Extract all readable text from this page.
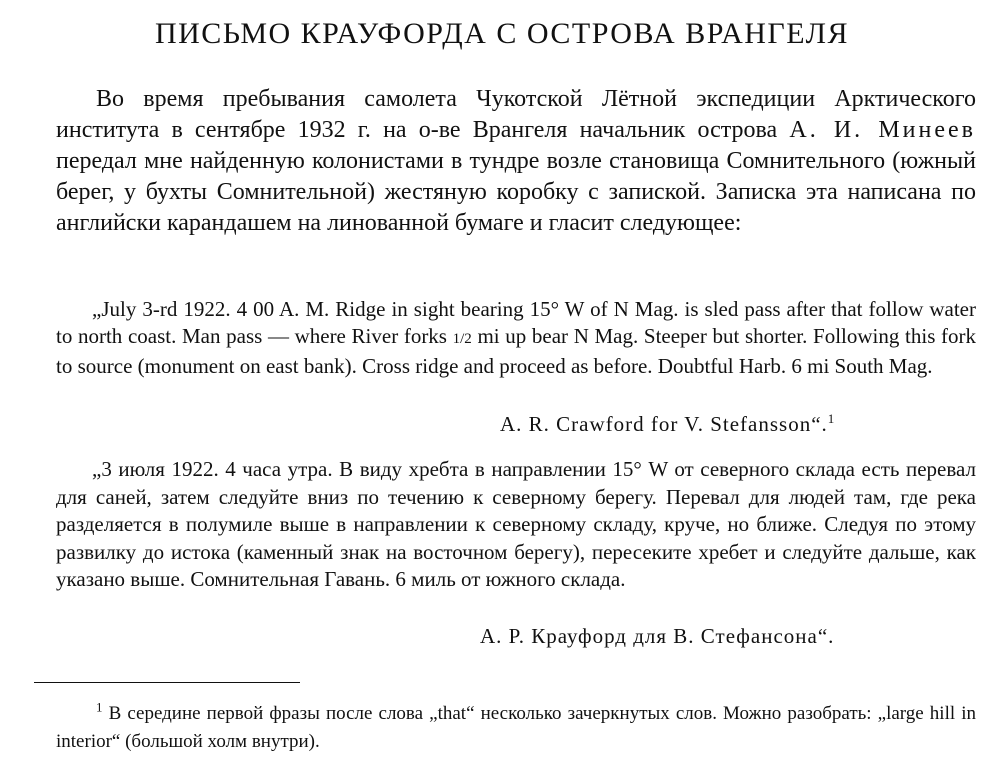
ПИСЬМО КРАУФОРДА С ОСТРОВА ВРАНГЕЛЯ

Во время пребывания самолета Чукотской Лётной экспедиции Арктического института в сентябре 1932 г. на о-ве Врангеля начальник острова А. И. Минеев передал мне найденную колонистами в тундре возле становища Сомнительного (южный берег, у бухты Сомнительной) жестяную коробку с запиской. Записка эта написана по английски карандашем на линованной бумаге и гласит следующее:

„July 3-rd 1922. 4 00 A. M. Ridge in sight bearing 15° W of N Mag. is sled pass after that follow water to north coast. Man pass — where River forks 1/2 mi up bear N Mag. Steeper but shorter. Following this fork to source (monument on east bank). Cross ridge and proceed as before. Doubtful Harb. 6 mi South Mag.

A. R. Crawford for V. Stefansson“.$^1$

„3 июля 1922. 4 часа утра. В виду хребта в направлении 15° W от северного склада есть перевал для саней, затем следуйте вниз по течению к северному берегу. Перевал для людей там, где река разделяется в полумиле выше в направлении к северному складу, круче, но ближе. Следуя по этому развилку до истока (каменный знак на восточном берегу), пересеките хребет и следуйте дальше, как указано выше. Сомнительная Гавань. 6 миль от южного склада.

А. Р. Крауфорд для В. Стефансона“.

$^1$ В середине первой фразы после слова „that“ несколько зачеркнутых слов. Можно разобрать: „large hill in interior“ (большой холм внутри).
